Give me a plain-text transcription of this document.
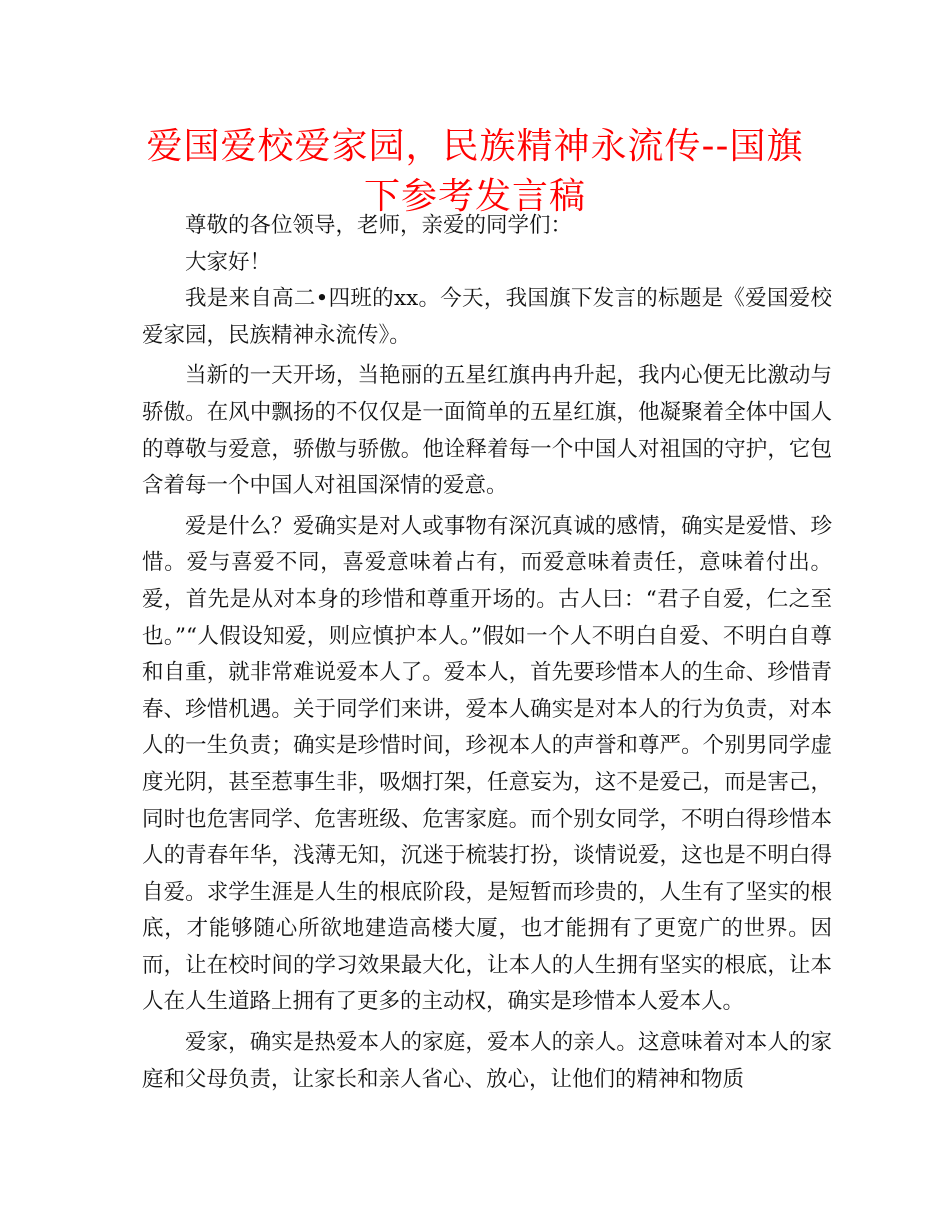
爱国爱校爱家园，民族精神永流传--国旗
下参考发言稿

尊敬的各位领导，老师，亲爱的同学们：

大家好！

我是来自高二•四班的xx。今天，我国旗下发言的标题是《爱国爱校爱家园，民族精神永流传》。

当新的一天开场，当艳丽的五星红旗冉冉升起，我内心便无比激动与骄傲。在风中飘扬的不仅仅是一面简单的五星红旗，他凝聚着全体中国人的尊敬与爱意，骄傲与骄傲。他诠释着每一个中国人对祖国的守护，它包含着每一个中国人对祖国深情的爱意。

爱是什么？爱确实是对人或事物有深沉真诚的感情，确实是爱惜、珍惜。爱与喜爱不同，喜爱意味着占有，而爱意味着责任，意味着付出。爱，首先是从对本身的珍惜和尊重开场的。古人曰：“君子自爱，仁之至也。”“人假设知爱，则应慎护本人。”假如一个人不明白自爱、不明白自尊和自重，就非常难说爱本人了。爱本人，首先要珍惜本人的生命、珍惜青春、珍惜机遇。关于同学们来讲，爱本人确实是对本人的行为负责，对本人的一生负责；确实是珍惜时间，珍视本人的声誉和尊严。个别男同学虚度光阴，甚至惹事生非，吸烟打架，任意妄为，这不是爱己，而是害己，同时也危害同学、危害班级、危害家庭。而个别女同学，不明白得珍惜本人的青春年华，浅薄无知，沉迷于梳装打扮，谈情说爱，这也是不明白得自爱。求学生涯是人生的根底阶段，是短暂而珍贵的，人生有了坚实的根底，才能够随心所欲地建造高楼大厦，也才能拥有了更宽广的世界。因而，让在校时间的学习效果最大化，让本人的人生拥有坚实的根底，让本人在人生道路上拥有了更多的主动权，确实是珍惜本人爱本人。

爱家，确实是热爱本人的家庭，爱本人的亲人。这意味着对本人的家庭和父母负责，让家长和亲人省心、放心，让他们的精神和物质
